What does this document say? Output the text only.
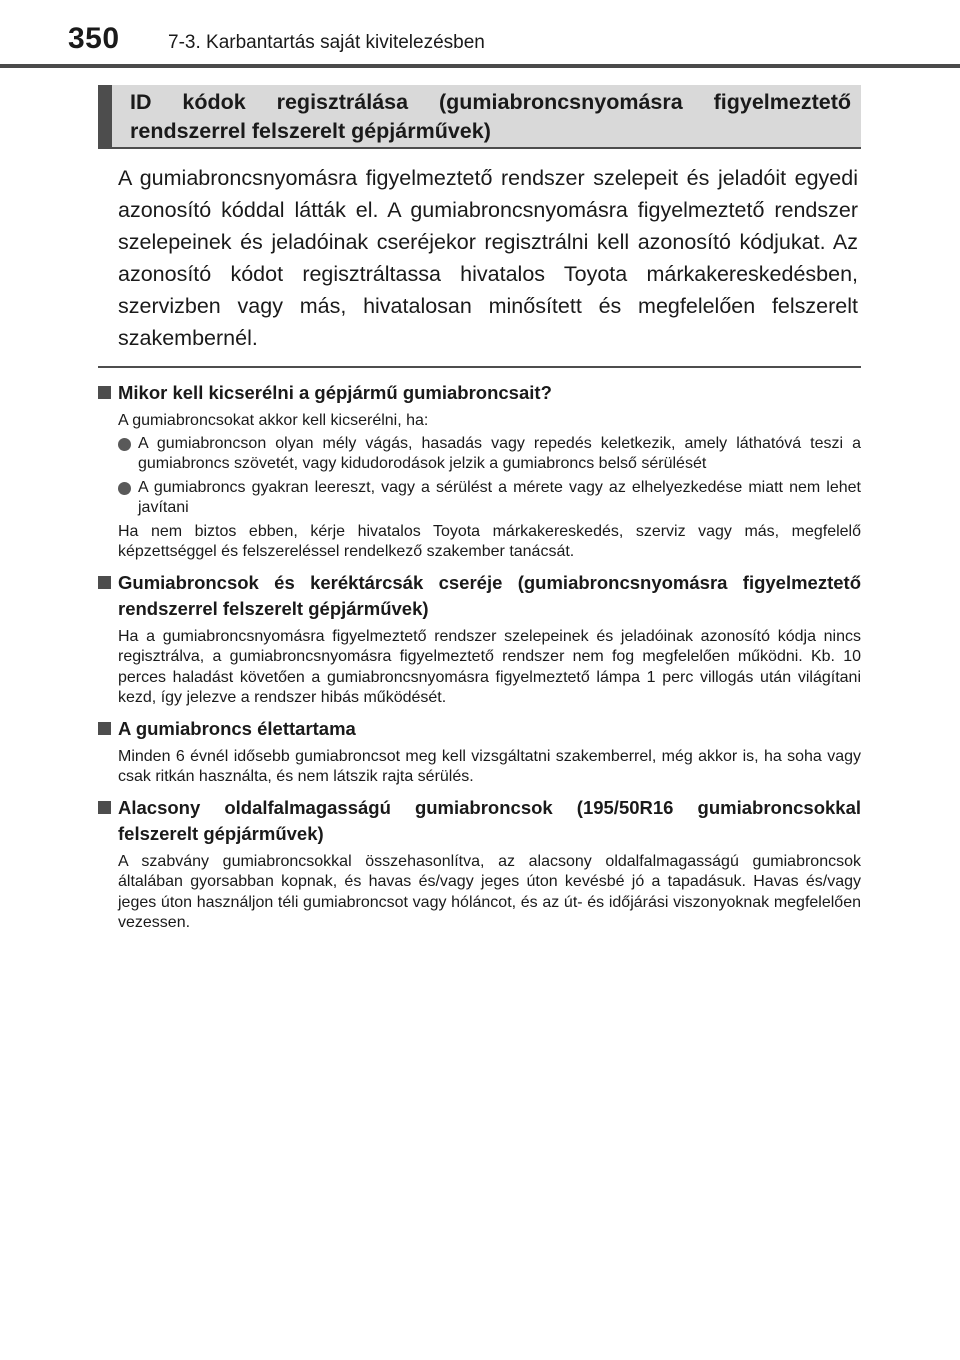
350	7-3. Karbantartás saját kivitelezésben
ID kódok regisztrálása (gumiabroncsnyomásra figyelmeztető rendszerrel felszerelt gépjárművek)

A gumiabroncsnyomásra figyelmeztető rendszer szelepeit és jeladóit egyedi azonosító kóddal látták el. A gumiabroncsnyomásra figyelmeztető rendszer szelepeinek és jeladóinak cseréjekor regisztrálni kell azonosító kódjukat. Az azonosító kódot regisztráltassa hivatalos Toyota márkakereskedésben, szervizben vagy más, hivatalosan minősített és megfelelően felszerelt szakembernél.

Mikor kell kicserélni a gépjármű gumiabroncsait?

A gumiabroncsokat akkor kell kicserélni, ha:

A gumiabroncson olyan mély vágás, hasadás vagy repedés keletkezik, amely láthatóvá teszi a gumiabroncs szövetét, vagy kidudorodások jelzik a gumiabroncs belső sérülését

A gumiabroncs gyakran leereszt, vagy a sérülést a mérete vagy az elhelyezkedése miatt nem lehet javítani

Ha nem biztos ebben, kérje hivatalos Toyota márkakereskedés, szerviz vagy más, megfelelő képzettséggel és felszereléssel rendelkező szakember tanácsát.

Gumiabroncsok és keréktárcsák cseréje (gumiabroncsnyomásra figyelmeztető rendszerrel felszerelt gépjárművek)

Ha a gumiabroncsnyomásra figyelmeztető rendszer szelepeinek és jeladóinak azonosító kódja nincs regisztrálva, a gumiabroncsnyomásra figyelmeztető rendszer nem fog megfelelően működni. Kb. 10 perces haladást követően a gumiabroncsnyomásra figyelmeztető lámpa 1 perc villogás után világítani kezd, így jelezve a rendszer hibás működését.

A gumiabroncs élettartama

Minden 6 évnél idősebb gumiabroncsot meg kell vizsgáltatni szakemberrel, még akkor is, ha soha vagy csak ritkán használta, és nem látszik rajta sérülés.

Alacsony oldalfalmagasságú gumiabroncsok (195/50R16 gumiabroncsokkal felszerelt gépjárművek)

A szabvány gumiabroncsokkal összehasonlítva, az alacsony oldalfalmagasságú gumiabroncsok általában gyorsabban kopnak, és havas és/vagy jeges úton kevésbé jó a tapadásuk. Havas és/vagy jeges úton használjon téli gumiabroncsot vagy hóláncot, és az út- és időjárási viszonyoknak megfelelően vezessen.
